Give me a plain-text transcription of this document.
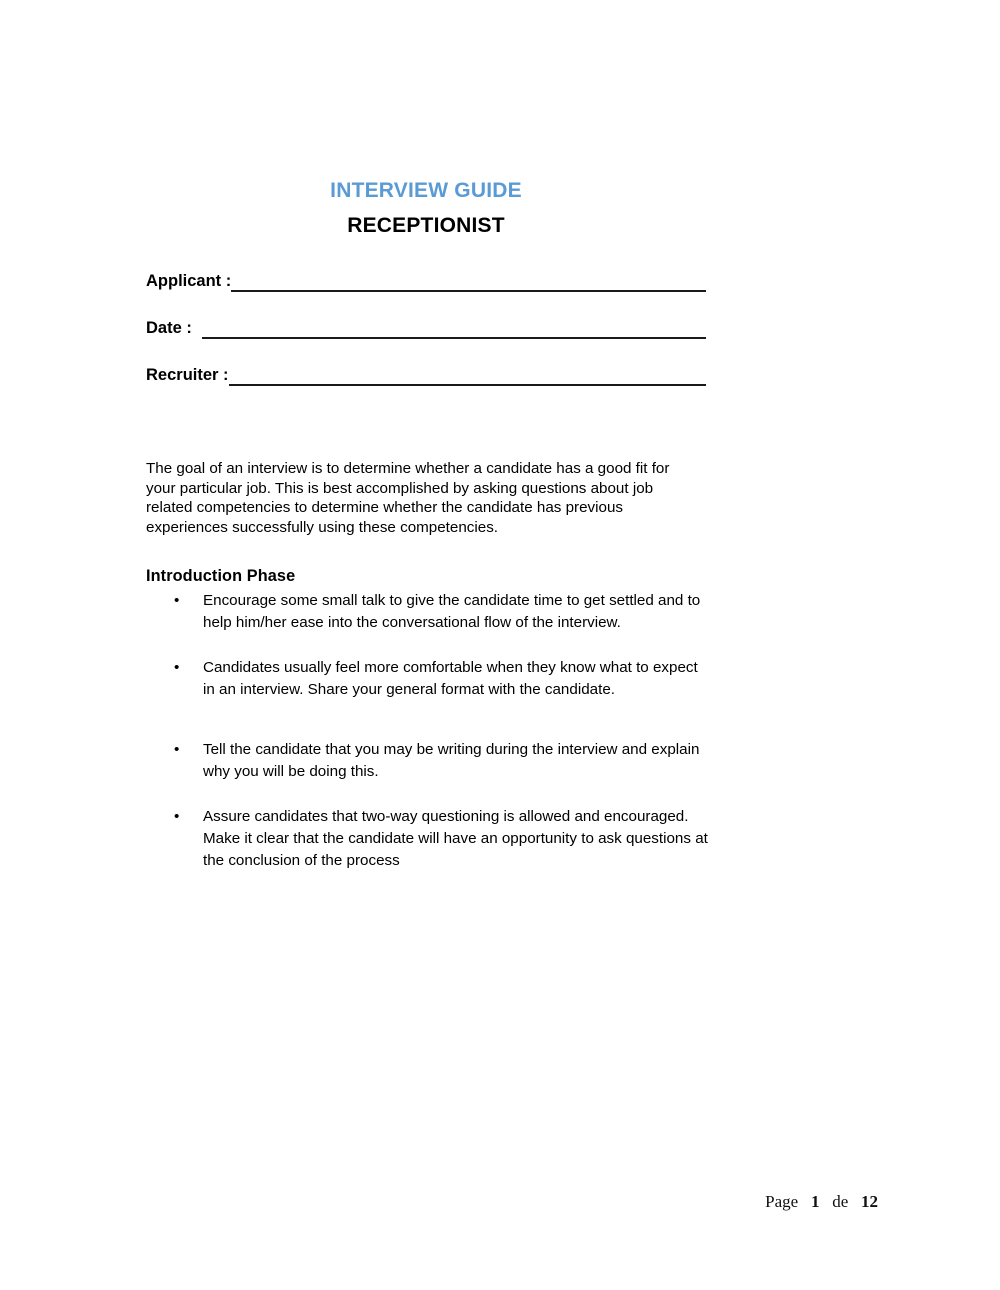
INTERVIEW GUIDE
RECEPTIONIST
Applicant :
Date :
Recruiter :

The goal of an interview is to determine whether a candidate has a good fit for your particular job. This is best accomplished by asking questions about job related competencies to determine whether the candidate has previous experiences successfully using these competencies.

Introduction Phase
• Encourage some small talk to give the candidate time to get settled and to help him/her ease into the conversational flow of the interview.
• Candidates usually feel more comfortable when they know what to expect in an interview. Share your general format with the candidate.
• Tell the candidate that you may be writing during the interview and explain why you will be doing this.
• Assure candidates that two-way questioning is allowed and encouraged. Make it clear that the candidate will have an opportunity to ask questions at the conclusion of the process
Page 1 de 12
